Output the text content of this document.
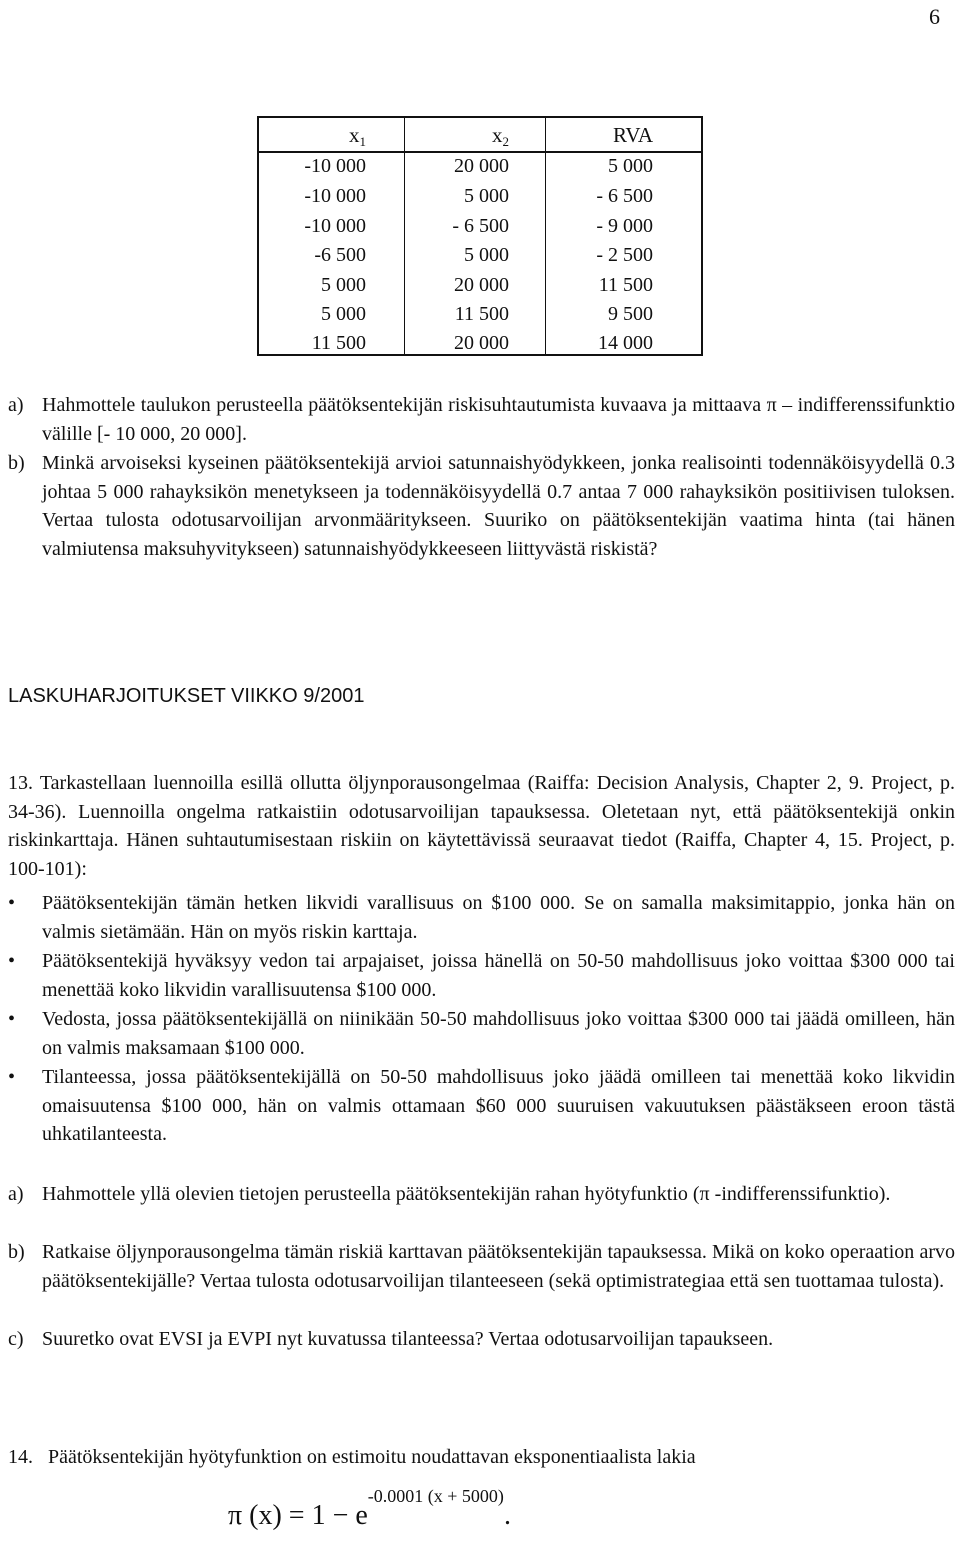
6
$x_1$	$x_2$	RVA
-10 000	20 000	5 000
-10 000	5 000	- 6 500
-10 000	- 6 500	- 9 000
-6 500	5 000	- 2 500
5 000	20 000	11 500
5 000	11 500	9 500
11 500	20 000	14 000
a) Hahmottele taulukon perusteella päätöksentekijän riskisuhtautumista kuvaava ja mittaava π – indifferenssifunktio välille [- 10 000, 20 000].
b) Minkä arvoiseksi kyseinen päätöksentekijä arvioi satunnaishyödykkeen, jonka realisointi todennäköisyydellä 0.3 johtaa 5 000 rahayksikön menetykseen ja todennäköisyydellä 0.7 antaa 7 000 rahayksikön positiivisen tuloksen. Vertaa tulosta odotusarvoilijan arvonmääritykseen. Suuriko on päätöksentekijän vaatima hinta (tai hänen valmiutensa maksuhyvitykseen) satunnaishyödykkeeseen liittyvästä riskistä?
LASKUHARJOITUKSET VIIKKO 9/2001
13. Tarkastellaan luennoilla esillä ollutta öljynporausongelmaa (Raiffa: Decision Analysis, Chapter 2, 9. Project, p. 34-36). Luennoilla ongelma ratkaistiin odotusarvoilijan tapauksessa. Oletetaan nyt, että päätöksentekijä onkin riskinkarttaja. Hänen suhtautumisestaan riskiin on käytettävissä seuraavat tiedot (Raiffa, Chapter 4, 15. Project, p. 100-101):
• Päätöksentekijän tämän hetken likvidi varallisuus on $100 000. Se on samalla maksimitappio, jonka hän on valmis sietämään. Hän on myös riskin karttaja.
• Päätöksentekijä hyväksyy vedon tai arpajaiset, joissa hänellä on 50-50 mahdollisuus joko voittaa $300 000 tai menettää koko likvidin varallisuutensa $100 000.
• Vedosta, jossa päätöksentekijällä on niinikään 50-50 mahdollisuus joko voittaa $300 000 tai jäädä omilleen, hän on valmis maksamaan $100 000.
• Tilanteessa, jossa päätöksentekijällä on 50-50 mahdollisuus joko jäädä omilleen tai menettää koko likvidin omaisuutensa $100 000, hän on valmis ottamaan $60 000 suuruisen vakuutuksen päästäkseen eroon tästä uhkatilanteesta.
a) Hahmottele yllä olevien tietojen perusteella päätöksentekijän rahan hyötyfunktio (π -indifferenssifunktio).
b) Ratkaise öljynporausongelma tämän riskiä karttavan päätöksentekijän tapauksessa. Mikä on koko operaation arvo päätöksentekijälle? Vertaa tulosta odotusarvoilijan tilanteeseen (sekä optimistrategiaa että sen tuottamaa tulosta).
c) Suuretko ovat EVSI ja EVPI nyt kuvatussa tilanteessa? Vertaa odotusarvoilijan tapaukseen.
14. Päätöksentekijän hyötyfunktion on estimoitu noudattavan eksponentiaalista lakia
π $(x) = 1 - e^{-0.0001 (x + 5000)}$.
